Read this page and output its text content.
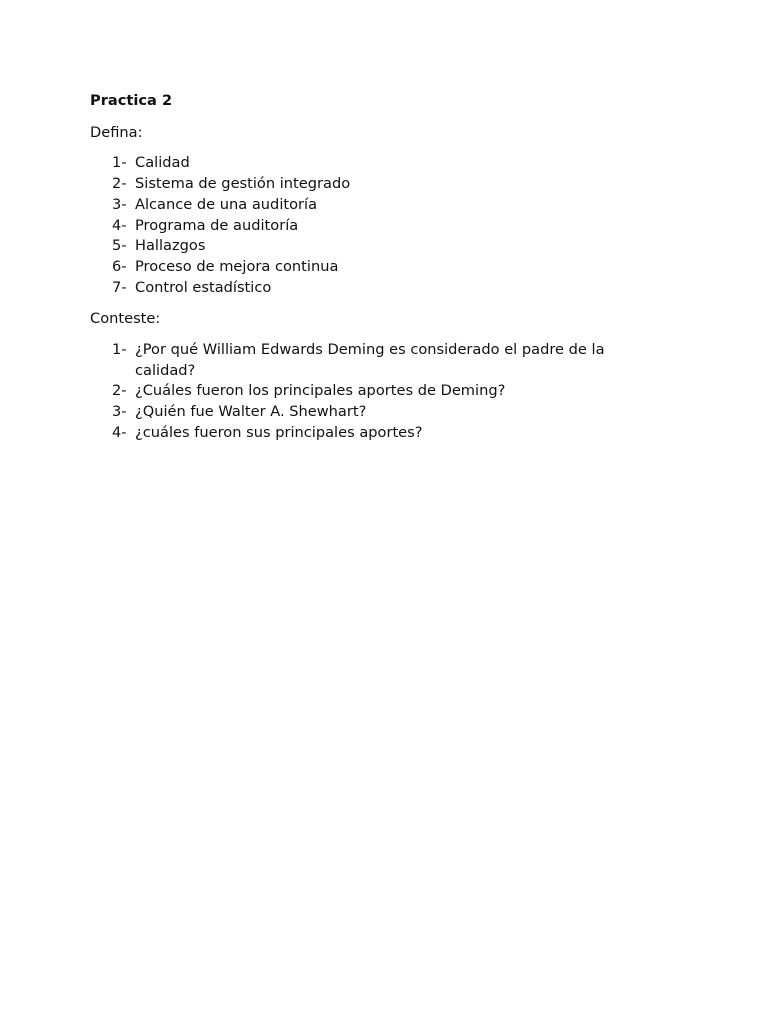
Practica 2
Defina:
1- Calidad
2- Sistema de gestión integrado
3- Alcance de una auditoría
4- Programa de auditoría
5- Hallazgos
6- Proceso de mejora continua
7- Control estadístico
Conteste:
1- ¿Por qué William Edwards Deming es considerado el padre de la calidad?
2- ¿Cuáles fueron los principales aportes de Deming?
3- ¿Quién fue Walter A. Shewhart?
4- ¿cuáles fueron sus principales aportes?
